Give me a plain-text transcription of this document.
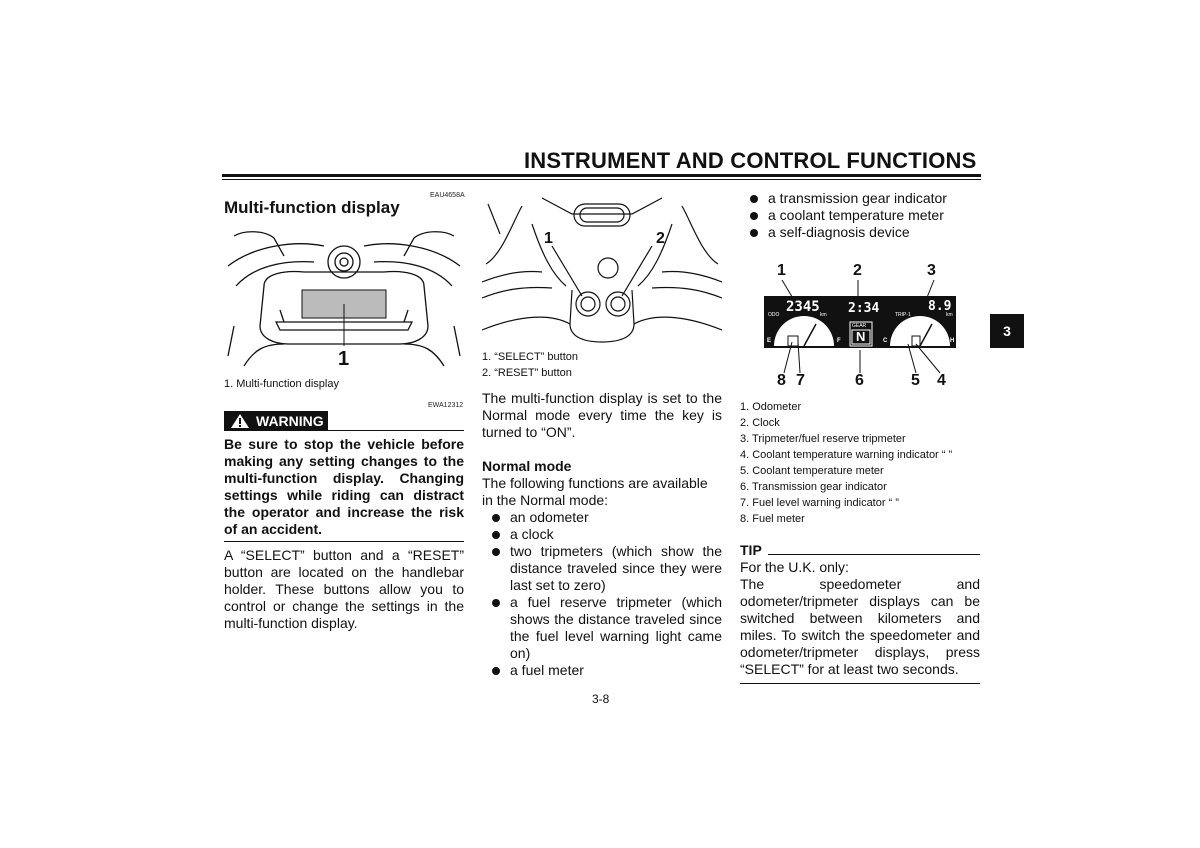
INSTRUMENT AND CONTROL FUNCTIONS
3
EAU4658A
Multi-function display
1
1. Multi-function display
EWA12312
WARNING
Be sure to stop the vehicle before making any setting changes to the multi-function display. Changing settings while riding can distract the operator and increase the risk of an accident.
A “SELECT” button and a “RESET” button are located on the handlebar holder. These buttons allow you to control or change the settings in the multi-function display.
1	2
1. “SELECT” button
2. “RESET” button
The multi-function display is set to the Normal mode every time the key is turned to “ON”.
Normal mode
The following functions are available in the Normal mode:
an odometer
a clock
two tripmeters (which show the distance traveled since they were last set to zero)
a fuel reserve tripmeter (which shows the distance traveled since the fuel level warning light came on)
a fuel meter
a transmission gear indicator
a coolant temperature meter
a self-diagnosis device
1	2	3
ODO 2345 km 2:34	TRIP-1
8.9
km
GEAR
N
E	F	C	H
8 7	6	5 4
1. Odometer
2. Clock
3. Tripmeter/fuel reserve tripmeter
4. Coolant temperature warning indicator “ ”
5. Coolant temperature meter
6. Transmission gear indicator
7. Fuel level warning indicator “ ”
8. Fuel meter
TIP
For the U.K. only:
The speedometer and odometer/tripmeter displays can be switched between kilometers and miles. To switch the speedometer and odometer/tripmeter displays, press “SELECT” for at least two seconds.
3-8
